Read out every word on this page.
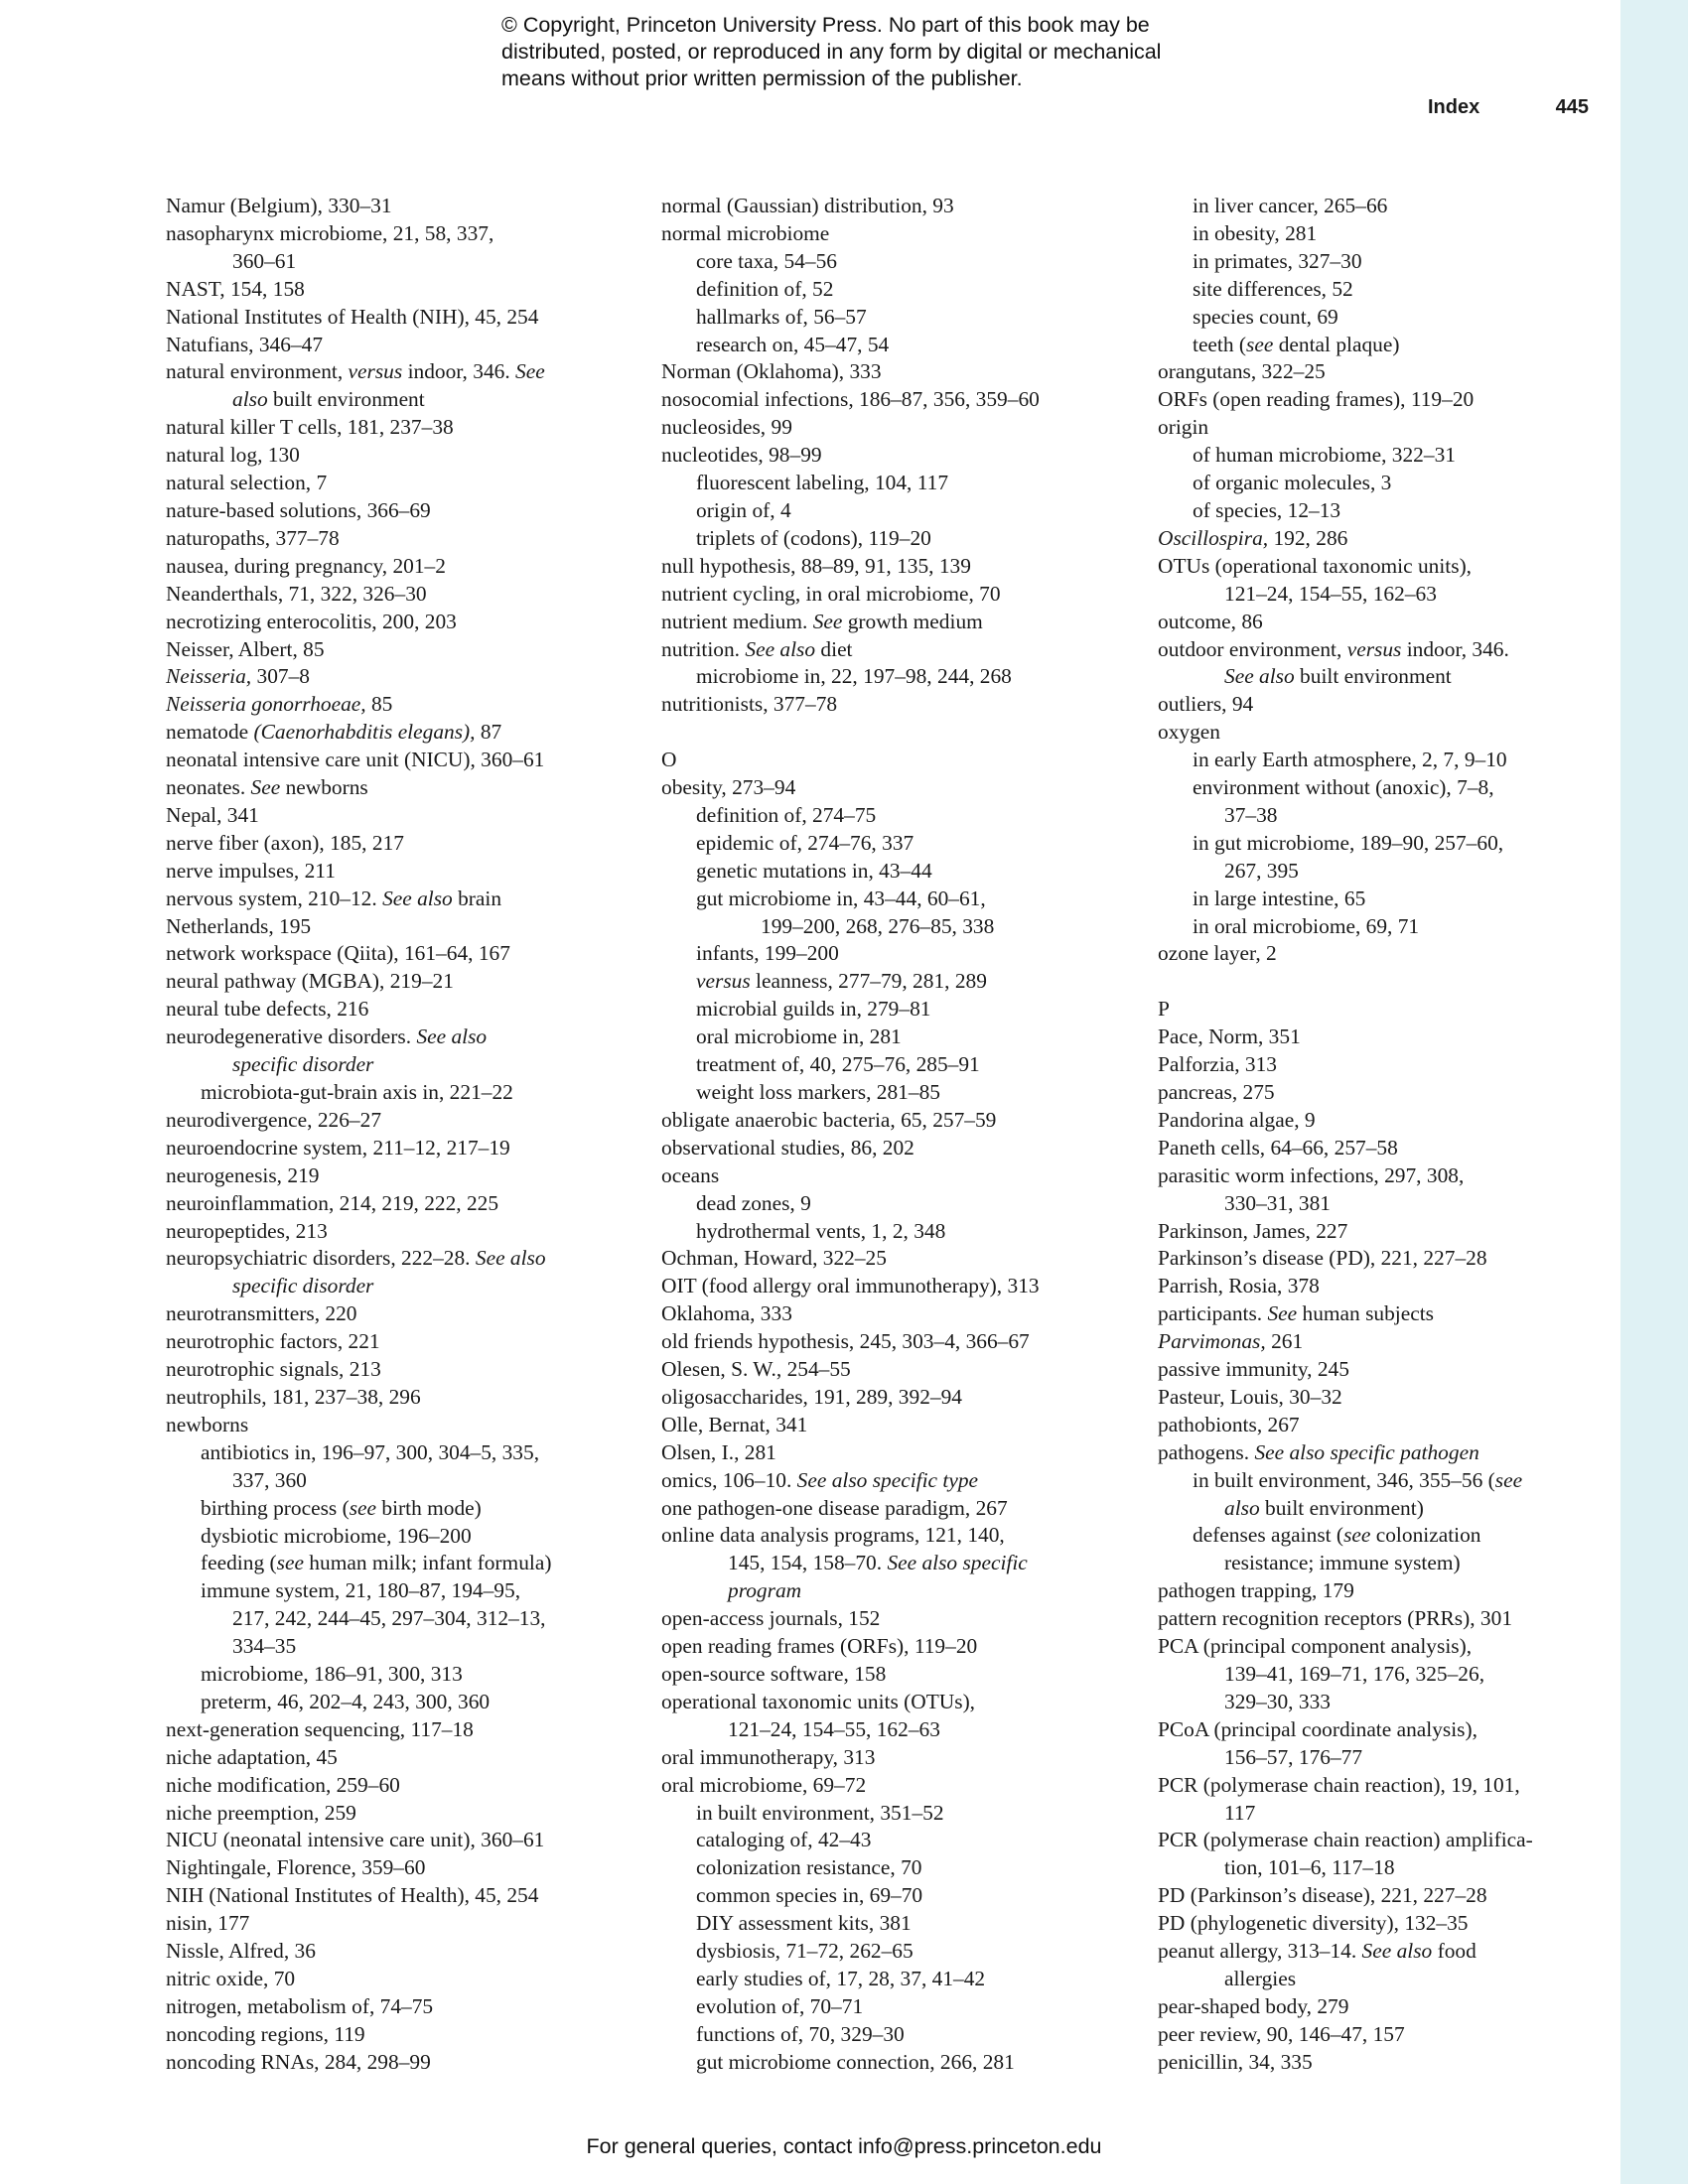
© Copyright, Princeton University Press. No part of this book may be
distributed, posted, or reproduced in any form by digital or mechanical
means without prior written permission of the publisher.
Index	445
Namur (Belgium), 330–31
nasopharynx microbiome, 21, 58, 337,
360–61
NAST, 154, 158
National Institutes of Health (NIH), 45, 254
Natufians, 346–47
natural environment, versus indoor, 346. See
also built environment
natural killer T cells, 181, 237–38
natural log, 130
natural selection, 7
nature-based solutions, 366–69
naturopaths, 377–78
nausea, during pregnancy, 201–2
Neanderthals, 71, 322, 326–30
necrotizing enterocolitis, 200, 203
Neisser, Albert, 85
Neisseria, 307–8
Neisseria gonorrhoeae, 85
nematode (Caenorhabditis elegans), 87
neonatal intensive care unit (NICU), 360–61
neonates. See newborns
Nepal, 341
nerve fiber (axon), 185, 217
nerve impulses, 211
nervous system, 210–12. See also brain
Netherlands, 195
network workspace (Qiita), 161–64, 167
neural pathway (MGBA), 219–21
neural tube defects, 216
neurodegenerative disorders. See also
specific disorder
microbiota-gut-brain axis in, 221–22
neurodivergence, 226–27
neuroendocrine system, 211–12, 217–19
neurogenesis, 219
neuroinflammation, 214, 219, 222, 225
neuropeptides, 213
neuropsychiatric disorders, 222–28. See also
specific disorder
neurotransmitters, 220
neurotrophic factors, 221
neurotrophic signals, 213
neutrophils, 181, 237–38, 296
newborns
antibiotics in, 196–97, 300, 304–5, 335,
337, 360
birthing process (see birth mode)
dysbiotic microbiome, 196–200
feeding (see human milk; infant formula)
immune system, 21, 180–87, 194–95,
217, 242, 244–45, 297–304, 312–13,
334–35
microbiome, 186–91, 300, 313
preterm, 46, 202–4, 243, 300, 360
next-generation sequencing, 117–18
niche adaptation, 45
niche modification, 259–60
niche preemption, 259
NICU (neonatal intensive care unit), 360–61
Nightingale, Florence, 359–60
NIH (National Institutes of Health), 45, 254
nisin, 177
Nissle, Alfred, 36
nitric oxide, 70
nitrogen, metabolism of, 74–75
noncoding regions, 119
noncoding RNAs, 284, 298–99
normal (Gaussian) distribution, 93
normal microbiome
core taxa, 54–56
definition of, 52
hallmarks of, 56–57
research on, 45–47, 54
Norman (Oklahoma), 333
nosocomial infections, 186–87, 356, 359–60
nucleosides, 99
nucleotides, 98–99
fluorescent labeling, 104, 117
origin of, 4
triplets of (codons), 119–20
null hypothesis, 88–89, 91, 135, 139
nutrient cycling, in oral microbiome, 70
nutrient medium. See growth medium
nutrition. See also diet
microbiome in, 22, 197–98, 244, 268
nutritionists, 377–78
O
obesity, 273–94
definition of, 274–75
epidemic of, 274–76, 337
genetic mutations in, 43–44
gut microbiome in, 43–44, 60–61,
199–200, 268, 276–85, 338
infants, 199–200
versus leanness, 277–79, 281, 289
microbial guilds in, 279–81
oral microbiome in, 281
treatment of, 40, 275–76, 285–91
weight loss markers, 281–85
obligate anaerobic bacteria, 65, 257–59
observational studies, 86, 202
oceans
dead zones, 9
hydrothermal vents, 1, 2, 348
Ochman, Howard, 322–25
OIT (food allergy oral immunotherapy), 313
Oklahoma, 333
old friends hypothesis, 245, 303–4, 366–67
Olesen, S. W., 254–55
oligosaccharides, 191, 289, 392–94
Olle, Bernat, 341
Olsen, I., 281
omics, 106–10. See also specific type
one pathogen-one disease paradigm, 267
online data analysis programs, 121, 140,
145, 154, 158–70. See also specific
program
open-access journals, 152
open reading frames (ORFs), 119–20
open-source software, 158
operational taxonomic units (OTUs),
121–24, 154–55, 162–63
oral immunotherapy, 313
oral microbiome, 69–72
in built environment, 351–52
cataloging of, 42–43
colonization resistance, 70
common species in, 69–70
DIY assessment kits, 381
dysbiosis, 71–72, 262–65
early studies of, 17, 28, 37, 41–42
evolution of, 70–71
functions of, 70, 329–30
gut microbiome connection, 266, 281
in liver cancer, 265–66
in obesity, 281
in primates, 327–30
site differences, 52
species count, 69
teeth (see dental plaque)
orangutans, 322–25
ORFs (open reading frames), 119–20
origin
of human microbiome, 322–31
of organic molecules, 3
of species, 12–13
Oscillospira, 192, 286
OTUs (operational taxonomic units),
121–24, 154–55, 162–63
outcome, 86
outdoor environment, versus indoor, 346.
See also built environment
outliers, 94
oxygen
in early Earth atmosphere, 2, 7, 9–10
environment without (anoxic), 7–8,
37–38
in gut microbiome, 189–90, 257–60,
267, 395
in large intestine, 65
in oral microbiome, 69, 71
ozone layer, 2
P
Pace, Norm, 351
Palforzia, 313
pancreas, 275
Pandorina algae, 9
Paneth cells, 64–66, 257–58
parasitic worm infections, 297, 308,
330–31, 381
Parkinson, James, 227
Parkinson’s disease (PD), 221, 227–28
Parrish, Rosia, 378
participants. See human subjects
Parvimonas, 261
passive immunity, 245
Pasteur, Louis, 30–32
pathobionts, 267
pathogens. See also specific pathogen
in built environment, 346, 355–56 (see
also built environment)
defenses against (see colonization
resistance; immune system)
pathogen trapping, 179
pattern recognition receptors (PRRs), 301
PCA (principal component analysis),
139–41, 169–71, 176, 325–26,
329–30, 333
PCoA (principal coordinate analysis),
156–57, 176–77
PCR (polymerase chain reaction), 19, 101,
117
PCR (polymerase chain reaction) amplifica-
tion, 101–6, 117–18
PD (Parkinson’s disease), 221, 227–28
PD (phylogenetic diversity), 132–35
peanut allergy, 313–14. See also food
allergies
pear-shaped body, 279
peer review, 90, 146–47, 157
penicillin, 34, 335
For general queries, contact info@press.princeton.edu
